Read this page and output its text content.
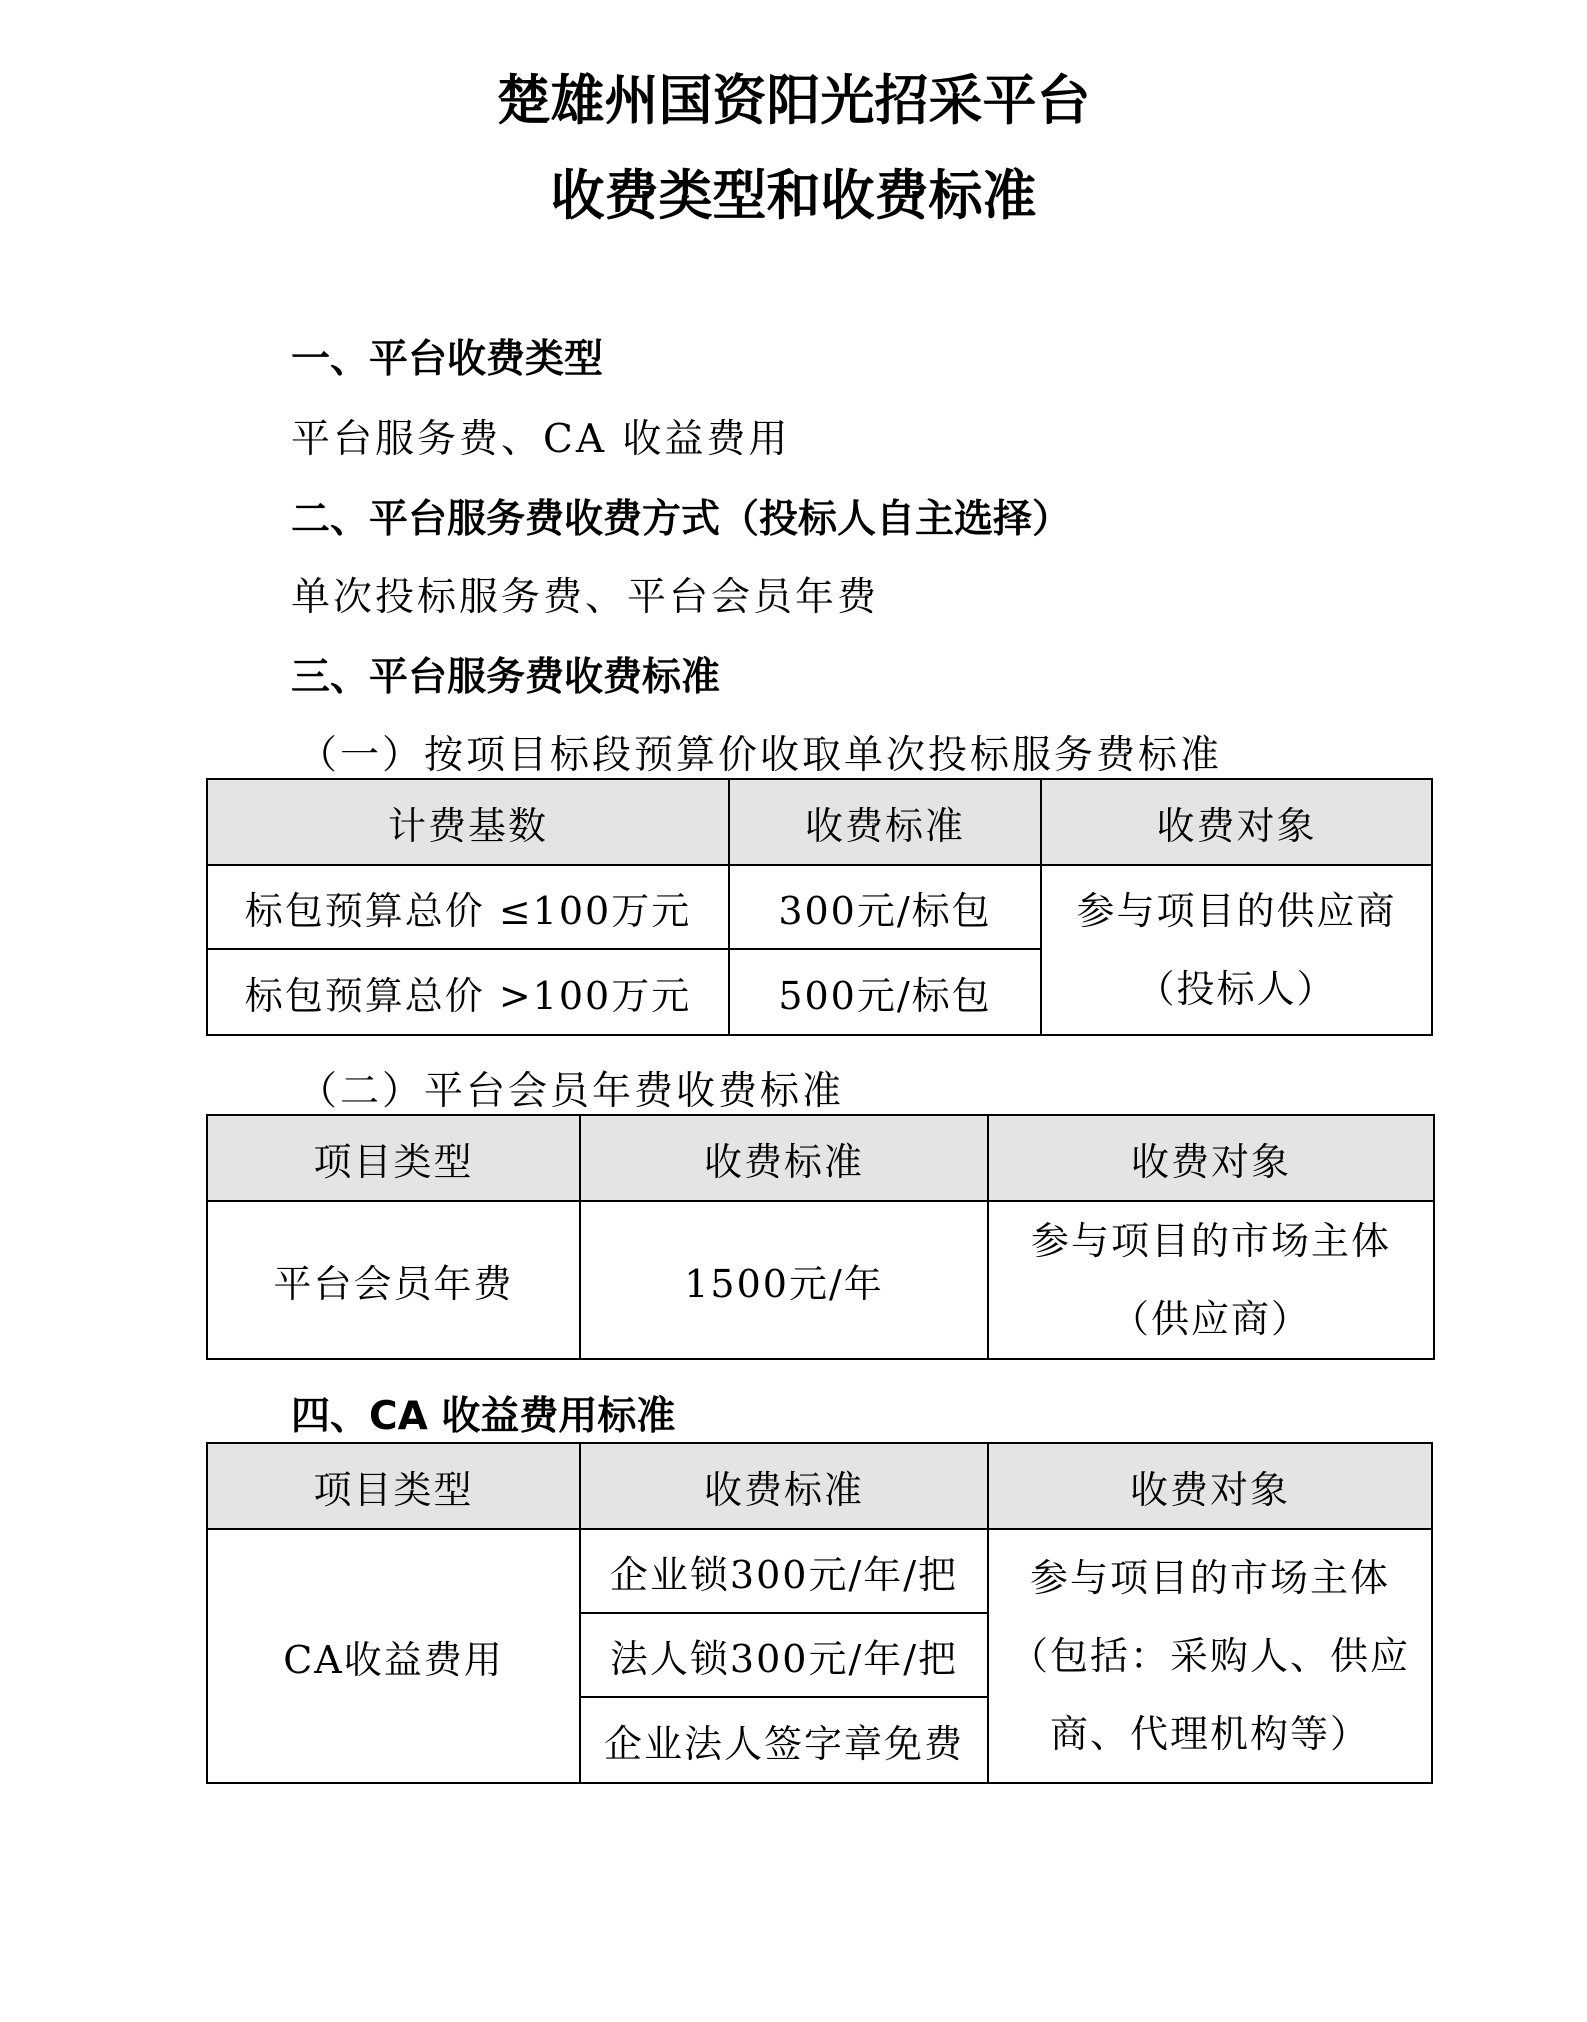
楚雄州国资阳光招采平台
收费类型和收费标准
一、平台收费类型
平台服务费、CA 收益费用
二、平台服务费收费方式（投标人自主选择）
单次投标服务费、平台会员年费
三、平台服务费收费标准
（一）按项目标段预算价收取单次投标服务费标准
计费基数	收费标准	收费对象
标包预算总价 ≤100万元	300元/标包	参与项目的供应商
（投标人）

标包预算总价 >100万元	500元/标包	
（二）平台会员年费收费标准
项目类型	收费标准	收费对象
平台会员年费	1500元/年	参与项目的市场主体
（供应商）
四、CA 收益费用标准
项目类型	收费标准	收费对象
CA收益费用	企业锁300元/年/把	参与项目的市场主体
（包括：采购人、供应
商、代理机构等）

	法人锁300元/年/把	
	企业法人签字章免费	
